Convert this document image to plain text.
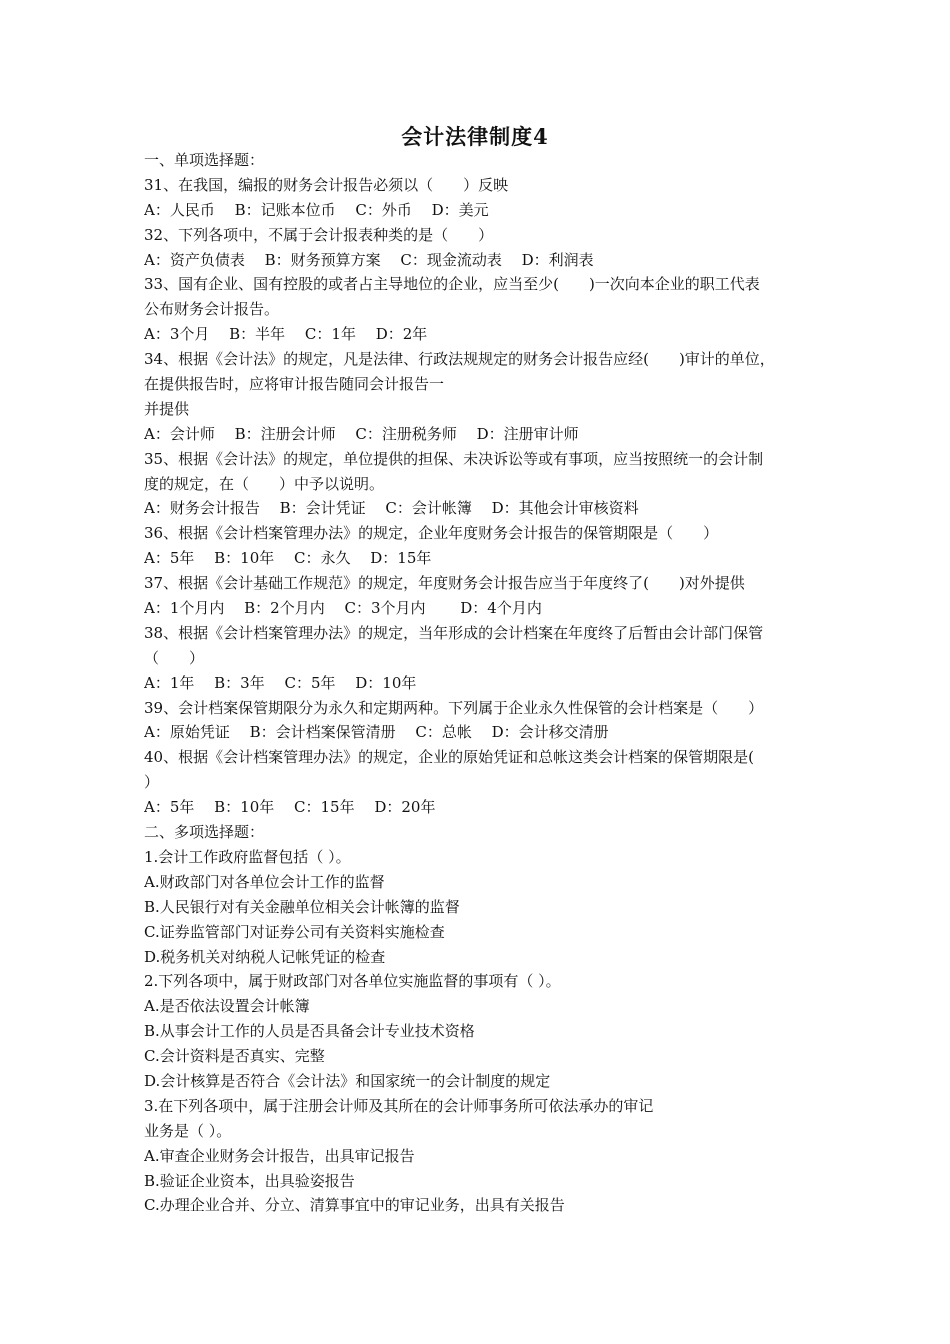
会计法律制度4
一、单项选择题：
31、在我国，编报的财务会计报告必须以（　　）反映
A：人民币　 B：记账本位币　 C：外币　 D：美元
32、下列各项中，不属于会计报表种类的是（　　）
A：资产负债表　 B：财务预算方案　 C：现金流动表　 D：利润表
33、国有企业、国有控股的或者占主导地位的企业，应当至少(　　)一次向本企业的职工代表
公布财务会计报告。
A：3个月　 B：半年　 C：1年　 D：2年
34、根据《会计法》的规定，凡是法律、行政法规规定的财务会计报告应经(　　)审计的单位，
在提供报告时，应将审计报告随同会计报告一
并提供
A：会计师　 B：注册会计师　 C：注册税务师　 D：注册审计师
35、根据《会计法》的规定，单位提供的担保、未决诉讼等或有事项，应当按照统一的会计制
度的规定，在（　　）中予以说明。
A：财务会计报告　 B：会计凭证　 C：会计帐簿　 D：其他会计审核资料
36、根据《会计档案管理办法》的规定，企业年度财务会计报告的保管期限是（　　）
A：5年　 B：10年　 C：永久　 D：15年
37、根据《会计基础工作规范》的规定，年度财务会计报告应当于年度终了(　　)对外提供
A：1个月内　 B：2个月内　 C：3个月内　　 D：4个月内
38、根据《会计档案管理办法》的规定，当年形成的会计档案在年度终了后暂由会计部门保管
（　　）
A：1年　 B：3年　 C：5年　 D：10年
39、会计档案保管期限分为永久和定期两种。下列属于企业永久性保管的会计档案是（　　）
A：原始凭证　 B：会计档案保管清册　 C：总帐　 D：会计移交清册
40、根据《会计档案管理办法》的规定，企业的原始凭证和总帐这类会计档案的保管期限是(
）
A：5年　 B：10年　 C：15年　 D：20年
二、多项选择题：
1.会计工作政府监督包括（ ）。
A.财政部门对各单位会计工作的监督
B.人民银行对有关金融单位相关会计帐簿的监督
C.证券监管部门对证券公司有关资料实施检查
D.税务机关对纳税人记帐凭证的检查
2.下列各项中，属于财政部门对各单位实施监督的事项有（ ）。
A.是否依法设置会计帐簿
B.从事会计工作的人员是否具备会计专业技术资格
C.会计资料是否真实、完整
D.会计核算是否符合《会计法》和国家统一的会计制度的规定
3.在下列各项中，属于注册会计师及其所在的会计师事务所可依法承办的审记
业务是（ ）。
A.审查企业财务会计报告，出具审记报告
B.验证企业资本，出具验姿报告
C.办理企业合并、分立、清算事宜中的审记业务，出具有关报告
